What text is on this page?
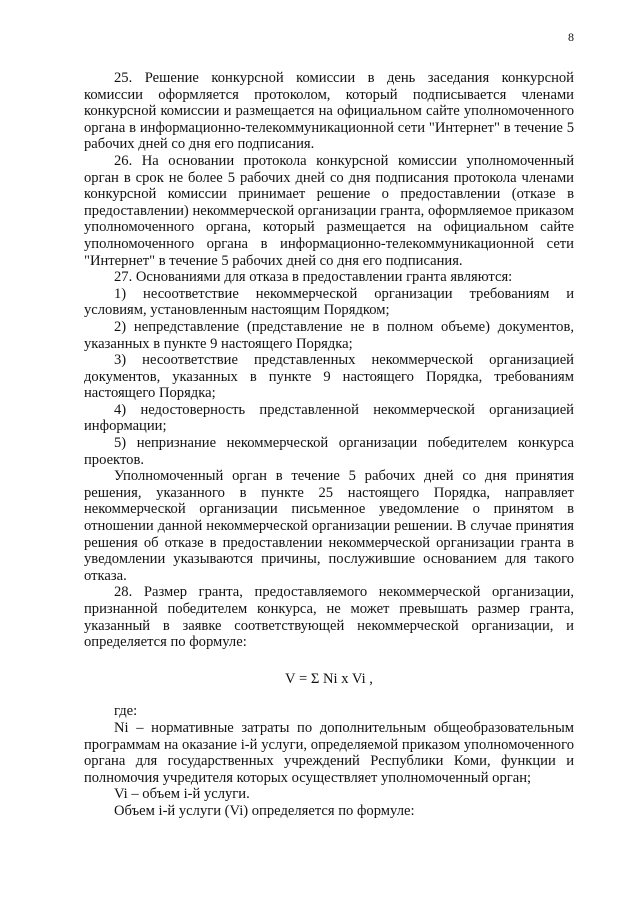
8

25. Решение конкурсной комиссии в день заседания конкурсной комиссии оформляется протоколом, который подписывается членами конкурсной комиссии и размещается на официальном сайте уполномоченного органа в информационно-телекоммуникационной сети "Интернет" в течение 5 рабочих дней со дня его подписания.

26. На основании протокола конкурсной комиссии уполномоченный орган в срок не более 5 рабочих дней со дня подписания протокола членами конкурсной комиссии принимает решение о предоставлении (отказе в предоставлении) некоммерческой организации гранта, оформляемое приказом уполномоченного органа, который размещается на официальном сайте уполномоченного органа в информационно-телекоммуникационной сети "Интернет" в течение 5 рабочих дней со дня его подписания.

27. Основаниями для отказа в предоставлении гранта являются:

1) несоответствие некоммерческой организации требованиям и условиям, установленным настоящим Порядком;

2) непредставление (представление не в полном объеме) документов, указанных в пункте 9 настоящего Порядка;

3) несоответствие представленных некоммерческой организацией документов, указанных в пункте 9 настоящего Порядка, требованиям настоящего Порядка;

4) недостоверность представленной некоммерческой организацией информации;

5) непризнание некоммерческой организации победителем конкурса проектов.

Уполномоченный орган в течение 5 рабочих дней со дня принятия решения, указанного в пункте 25 настоящего Порядка, направляет некоммерческой организации письменное уведомление о принятом в отношении данной некоммерческой организации решении. В случае принятия решения об отказе в предоставлении некоммерческой организации гранта в уведомлении указываются причины, послужившие основанием для такого отказа.

28. Размер гранта, предоставляемого некоммерческой организации, признанной победителем конкурса, не может превышать размер гранта, указанный в заявке соответствующей некоммерческой организации, и определяется по формуле:

V = Σ Ni x Vi ,

где:

Ni – нормативные затраты по дополнительным общеобразовательным программам на оказание i-й услуги, определяемой приказом уполномоченного органа для государственных учреждений Республики Коми, функции и полномочия учредителя которых осуществляет уполномоченный орган;

Vi – объем i-й услуги.

Объем i-й услуги (Vi) определяется по формуле:
